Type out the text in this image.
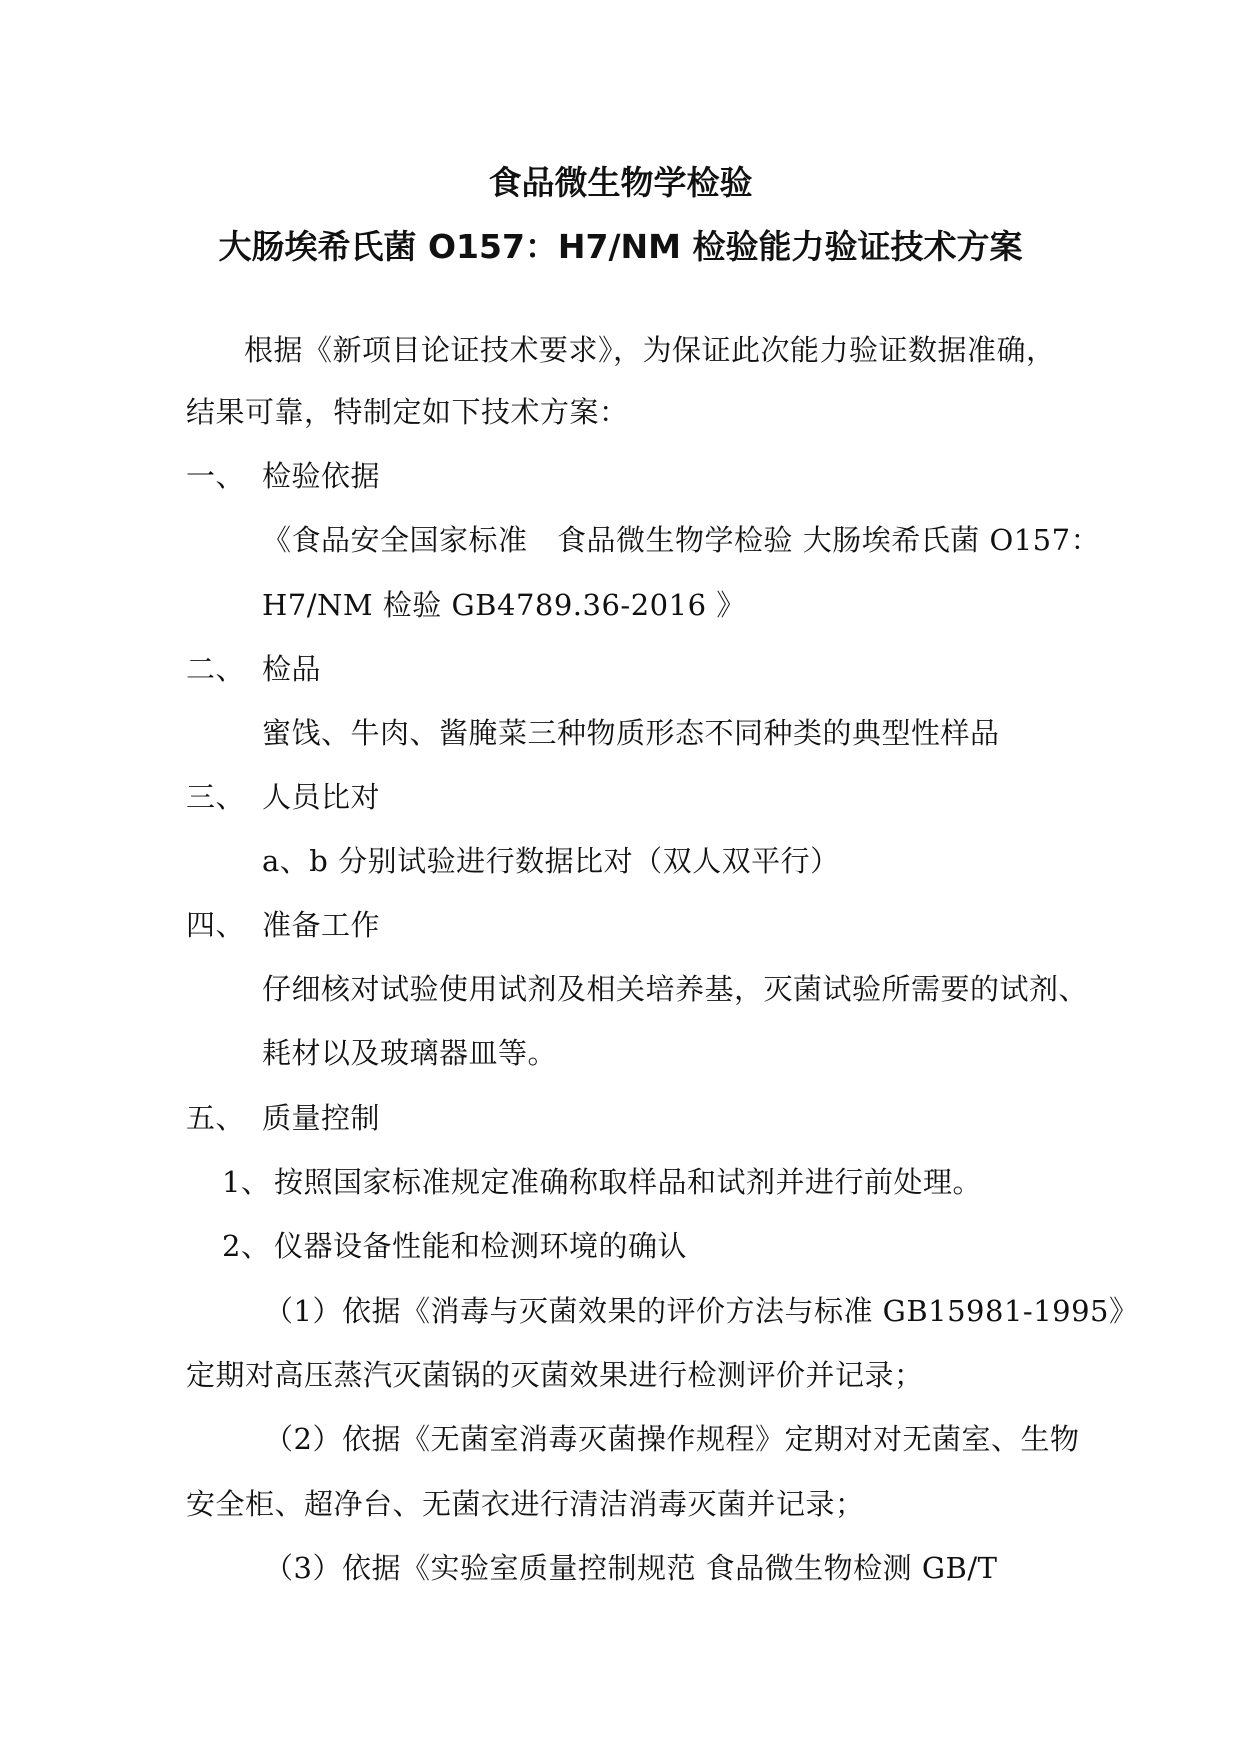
食品微生物学检验
大肠埃希氏菌 O157：H7/NM 检验能力验证技术方案
根据《新项目论证技术要求》，为保证此次能力验证数据准确，
结果可靠，特制定如下技术方案：
一、 检验依据
《食品安全国家标准　食品微生物学检验 大肠埃希氏菌 O157：
H7/NM 检验 GB4789.36-2016 》
二、 检品
蜜饯、牛肉、酱腌菜三种物质形态不同种类的典型性样品
三、 人员比对
a、b 分别试验进行数据比对（双人双平行）
四、 准备工作
仔细核对试验使用试剂及相关培养基，灭菌试验所需要的试剂、
耗材以及玻璃器皿等。
五、 质量控制
1、 按照国家标准规定准确称取样品和试剂并进行前处理。
2、 仪器设备性能和检测环境的确认
（1）依据《消毒与灭菌效果的评价方法与标准 GB15981-1995》
定期对高压蒸汽灭菌锅的灭菌效果进行检测评价并记录；
（2）依据《无菌室消毒灭菌操作规程》定期对对无菌室、生物
安全柜、超净台、无菌衣进行清洁消毒灭菌并记录；
（3）依据《实验室质量控制规范 食品微生物检测 GB/T
